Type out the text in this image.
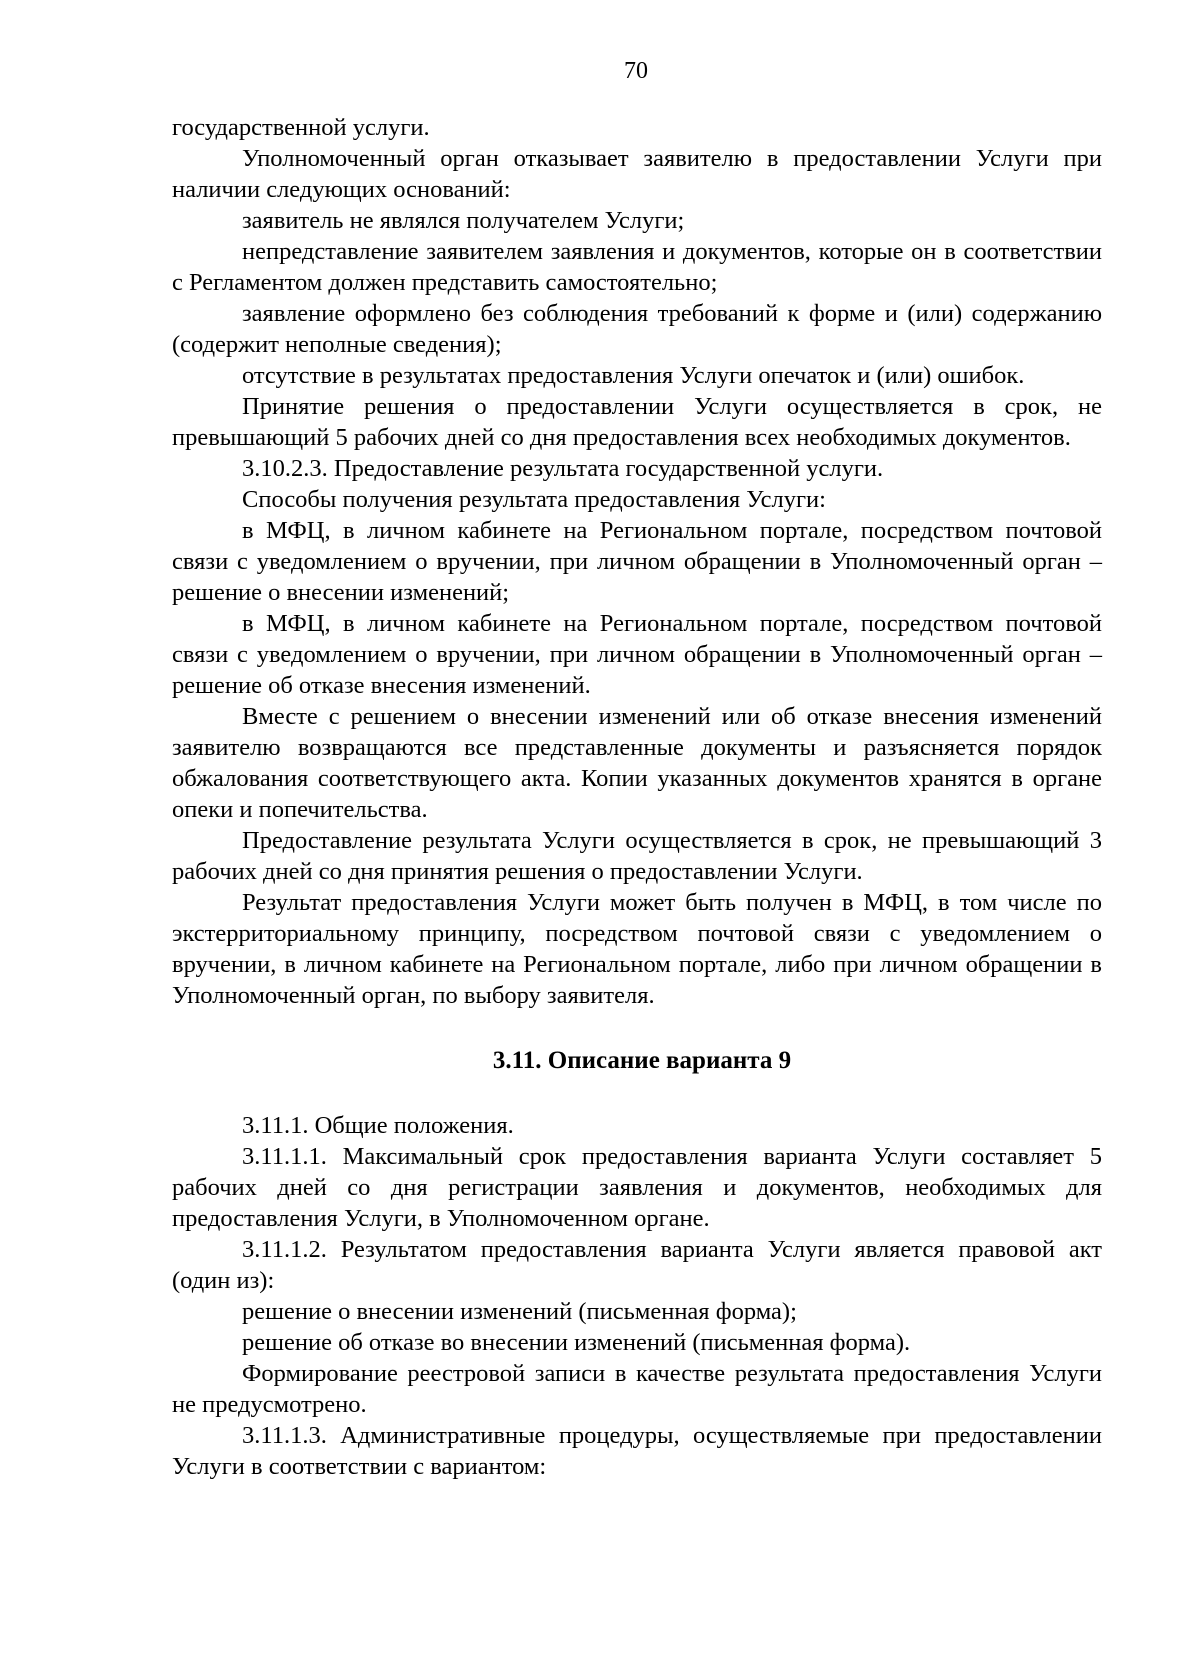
70

государственной услуги.

Уполномоченный орган отказывает заявителю в предоставлении Услуги при наличии следующих оснований:

заявитель не являлся получателем Услуги;

непредставление заявителем заявления и документов, которые он в соответствии с Регламентом должен представить самостоятельно;

заявление оформлено без соблюдения требований к форме и (или) содержанию (содержит неполные сведения);

отсутствие в результатах предоставления Услуги опечаток и (или) ошибок.

Принятие решения о предоставлении Услуги осуществляется в срок, не превышающий 5 рабочих дней со дня предоставления всех необходимых документов.

3.10.2.3. Предоставление результата государственной услуги.

Способы получения результата предоставления Услуги:

в МФЦ, в личном кабинете на Региональном портале, посредством почтовой связи с уведомлением о вручении, при личном обращении в Уполномоченный орган – решение о внесении изменений;

в МФЦ, в личном кабинете на Региональном портале, посредством почтовой связи с уведомлением о вручении, при личном обращении в Уполномоченный орган – решение об отказе внесения изменений.

Вместе с решением о внесении изменений или об отказе внесения изменений заявителю возвращаются все представленные документы и разъясняется порядок обжалования соответствующего акта. Копии указанных документов хранятся в органе опеки и попечительства.

Предоставление результата Услуги осуществляется в срок, не превышающий 3 рабочих дней со дня принятия решения о предоставлении Услуги.

Результат предоставления Услуги может быть получен в МФЦ, в том числе по экстерриториальному принципу, посредством почтовой связи с уведомлением о вручении, в личном кабинете на Региональном портале, либо при личном обращении в Уполномоченный орган, по выбору заявителя.

3.11. Описание варианта 9

3.11.1. Общие положения.

3.11.1.1. Максимальный срок предоставления варианта Услуги составляет 5 рабочих дней со дня регистрации заявления и документов, необходимых для предоставления Услуги, в Уполномоченном органе.

3.11.1.2. Результатом предоставления варианта Услуги является правовой акт (один из):

решение о внесении изменений (письменная форма);

решение об отказе во внесении изменений (письменная форма).

Формирование реестровой записи в качестве результата предоставления Услуги не предусмотрено.

3.11.1.3. Административные процедуры, осуществляемые при предоставлении Услуги в соответствии с вариантом:
